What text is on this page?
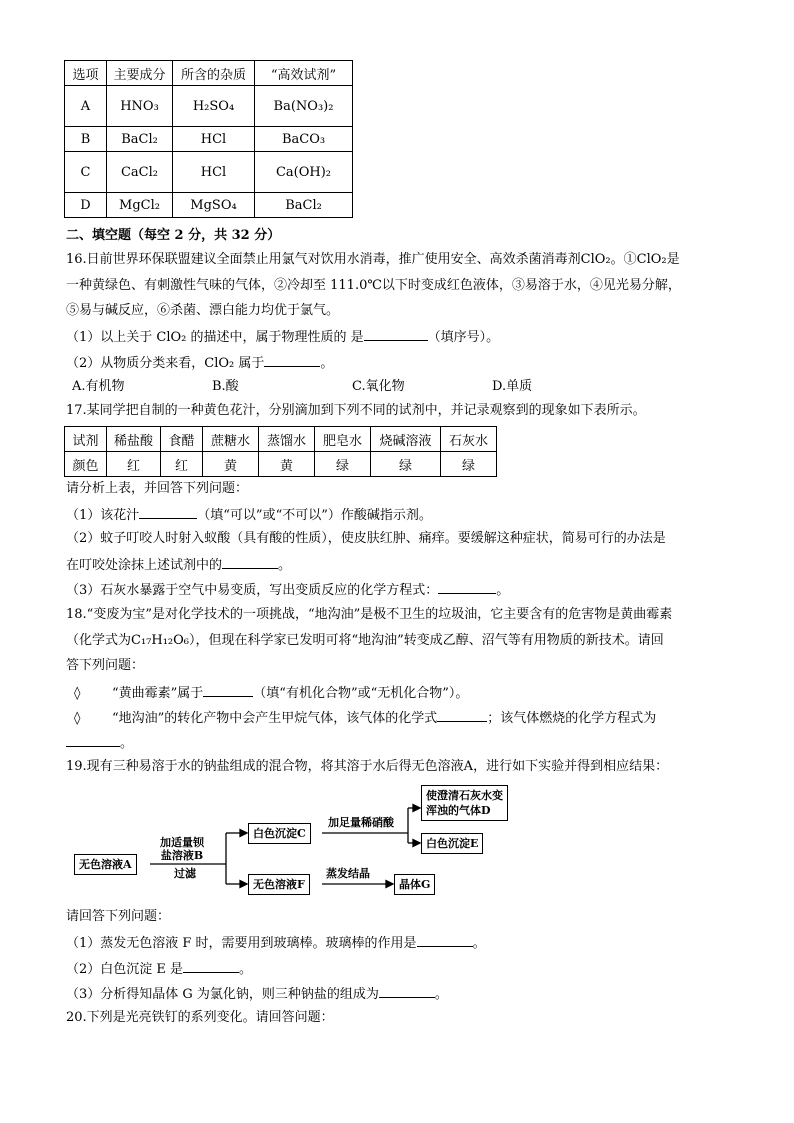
选项	主要成分	所含的杂质	“高效试剂”
A	HNO₃	H₂SO₄	Ba(NO₃)₂
B	BaCl₂	HCl	BaCO₃
C	CaCl₂	HCl	Ca(OH)₂
D	MgCl₂	MgSO₄	BaCl₂
二、填空题（每空 2 分，共 32 分）
16.日前世界环保联盟建议全面禁止用氯气对饮用水消毒，推广使用安全、高效杀菌消毒剂ClO₂。①ClO₂是
一种黄绿色、有刺激性气味的气体，②冷却至 111.0℃以下时变成红色液体，③易溶于水，④见光易分解，
⑤易与碱反应，⑥杀菌、漂白能力均优于氯气。
（1）以上关于 ClO₂ 的描述中，属于物理性质的 是	（填序号）。
（2）从物质分类来看，ClO₂ 属于	。
A.有机物	B.酸	C.氧化物	D.单质
17.某同学把自制的一种黄色花汁，分别滴加到下列不同的试剂中，并记录观察到的现象如下表所示。
试剂	稀盐酸	食醋	蔗糖水	蒸馏水	肥皂水	烧碱溶液	石灰水
颜色	红	红	黄	黄	绿	绿	绿
请分析上表，并回答下列问题：
（1）该花汁	（填“可以”或“不可以”）作酸碱指示剂。
（2）蚊子叮咬人时射入蚁酸（具有酸的性质），使皮肤红肿、痛痒。要缓解这种症状，简易可行的办法是
在叮咬处涂抹上述试剂中的	。
（3）石灰水暴露于空气中易变质，写出变质反应的化学方程式：	。
18.“变废为宝”是对化学技术的一项挑战，“地沟油”是极不卫生的垃圾油，它主要含有的危害物是黄曲霉素
（化学式为C₁₇H₁₂O₆），但现在科学家已发明可将“地沟油”转变成乙醇、沼气等有用物质的新技术。请回
答下列问题：
◊ “黄曲霉素”属于	（填“有机化合物”或“无机化合物”）。
◊ “地沟油”的转化产物中会产生甲烷气体，该气体的化学式	；该气体燃烧的化学方程式为
。
19.现有三种易溶于水的钠盐组成的混合物，将其溶于水后得无色溶液A，进行如下实验并得到相应结果：
无色溶液A
加适量钡
盐溶液B
过滤
白色沉淀C
加足量稀硝酸
使澄清石灰水变
浑浊的气体D
白色沉淀E
无色溶液F
蒸发结晶
晶体G
请回答下列问题：
（1）蒸发无色溶液 F 时，需要用到玻璃棒。玻璃棒的作用是	。
（2）白色沉淀 E 是	。
（3）分析得知晶体 G 为氯化钠，则三种钠盐的组成为	。
20.下列是光亮铁钉的系列变化。请回答问题：
